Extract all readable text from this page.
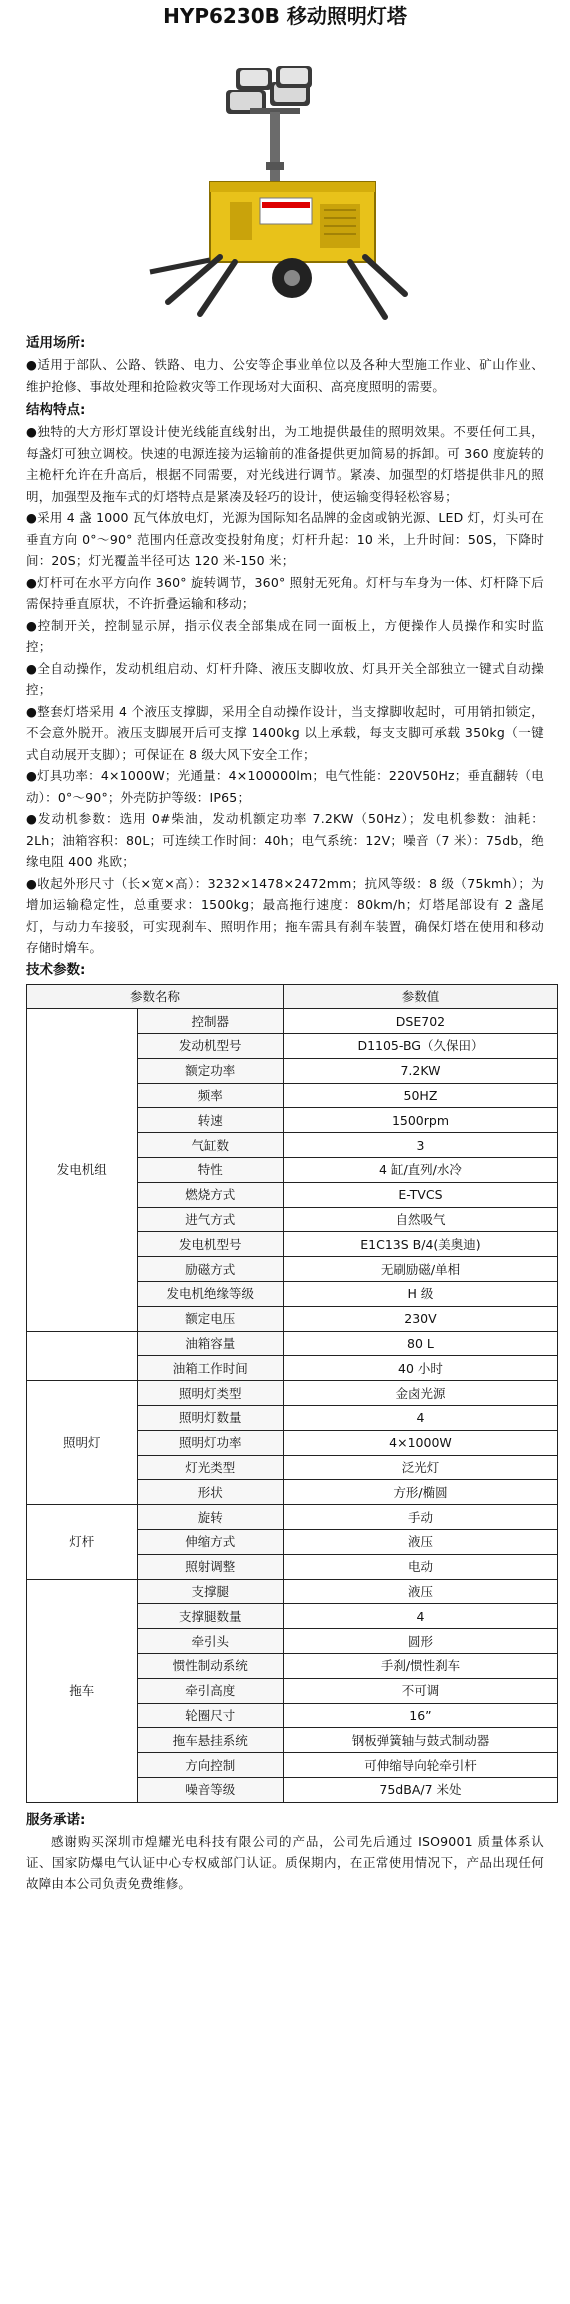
HYP6230B 移动照明灯塔
适用场所:

●适用于部队、公路、铁路、电力、公安等企事业单位以及各种大型施工作业、矿山作业、维护抢修、事故处理和抢险救灾等工作现场对大面积、高亮度照明的需要。

结构特点:

●独特的大方形灯罩设计使光线能直线射出，为工地提供最佳的照明效果。不要任何工具，每盏灯可独立调校。快速的电源连接为运输前的准备提供更加简易的拆卸。可 360 度旋转的主桅杆允许在升高后，根据不同需要，对光线进行调节。紧凑、加强型的灯塔提供非凡的照明，加强型及拖车式的灯塔特点是紧凑及轻巧的设计，使运输变得轻松容易；

●采用 4 盏 1000 瓦气体放电灯，光源为国际知名品牌的金卤或钠光源、LED 灯，灯头可在垂直方向 0°～90° 范围内任意改变投射角度；灯杆升起：10 米，上升时间：50S，下降时间：20S；灯光覆盖半径可达 120 米-150 米；

●灯杆可在水平方向作 360° 旋转调节，360° 照射无死角。灯杆与车身为一体、灯杆降下后需保持垂直原状，不许折叠运输和移动；

●控制开关，控制显示屏，指示仪表全部集成在同一面板上，方便操作人员操作和实时监控；

●全自动操作，发动机组启动、灯杆升降、液压支脚收放、灯具开关全部独立一键式自动操控；

●整套灯塔采用 4 个液压支撑脚，采用全自动操作设计，当支撑脚收起时，可用销扣锁定，不会意外脱开。液压支脚展开后可支撑 1400kg 以上承载，每支支脚可承载 350kg（一键式自动展开支脚）；可保证在 8 级大风下安全工作；

●灯具功率：4×1000W；光通量：4×100000lm；电气性能：220V50Hz；垂直翻转（电动）：0°～90°；外壳防护等级：IP65；

●发动机参数：选用 0#柴油，发动机额定功率 7.2KW（50Hz）；发电机参数：油耗：2Lh；油箱容积：80L；可连续工作时间：40h；电气系统：12V；噪音（7 米）：75db，绝缘电阻 400 兆欧；

●收起外形尺寸（长×宽×高）：3232×1478×2472mm；抗风等级：8 级（75kmh）；为增加运输稳定性，总重要求：1500kg；最高拖行速度：80km/h；灯塔尾部设有 2 盏尾灯，与动力车接驳，可实现刹车、照明作用；拖车需具有刹车装置，确保灯塔在使用和移动存储时熁车。

技术参数:
参数名称		参数值
发电机组	控制器	DSE702
	发动机型号	D1105-BG（久保田）
	额定功率	7.2KW
	频率	50HZ
	转速	1500rpm
	气缸数	3
	特性	4 缸/直列/水冷
	燃烧方式	E-TVCS
	进气方式	自然吸气
	发电机型号	E1C13S B/4(美奥迪)
	励磁方式	无刷励磁/单相
	发电机绝缘等级	H 级
	额定电压	230V
	油箱容量	80 L
	油箱工作时间	40 小时
照明灯	照明灯类型	金卤光源
	照明灯数量	4
	照明灯功率	4×1000W
	灯光类型	泛光灯
	形状	方形/椭圆
灯杆	旋转	手动
	伸缩方式	液压
	照射调整	电动
拖车	支撑腿	液压
	支撑腿数量	4
	牵引头	圆形
	惯性制动系统	手刹/惯性刹车
	牵引高度	不可调
	轮圈尺寸	16”
	拖车悬挂系统	钢板弹簧轴与鼓式制动器
	方向控制	可伸缩导向轮牵引杆
	噪音等级	75dBA/7 米处
服务承诺:

感谢购买深圳市煌耀光电科技有限公司的产品，公司先后通过 ISO9001 质量体系认证、国家防爆电气认证中心专权威部门认证。质保期内，在正常使用情况下，产品出现任何故障由本公司负责免费维修。
